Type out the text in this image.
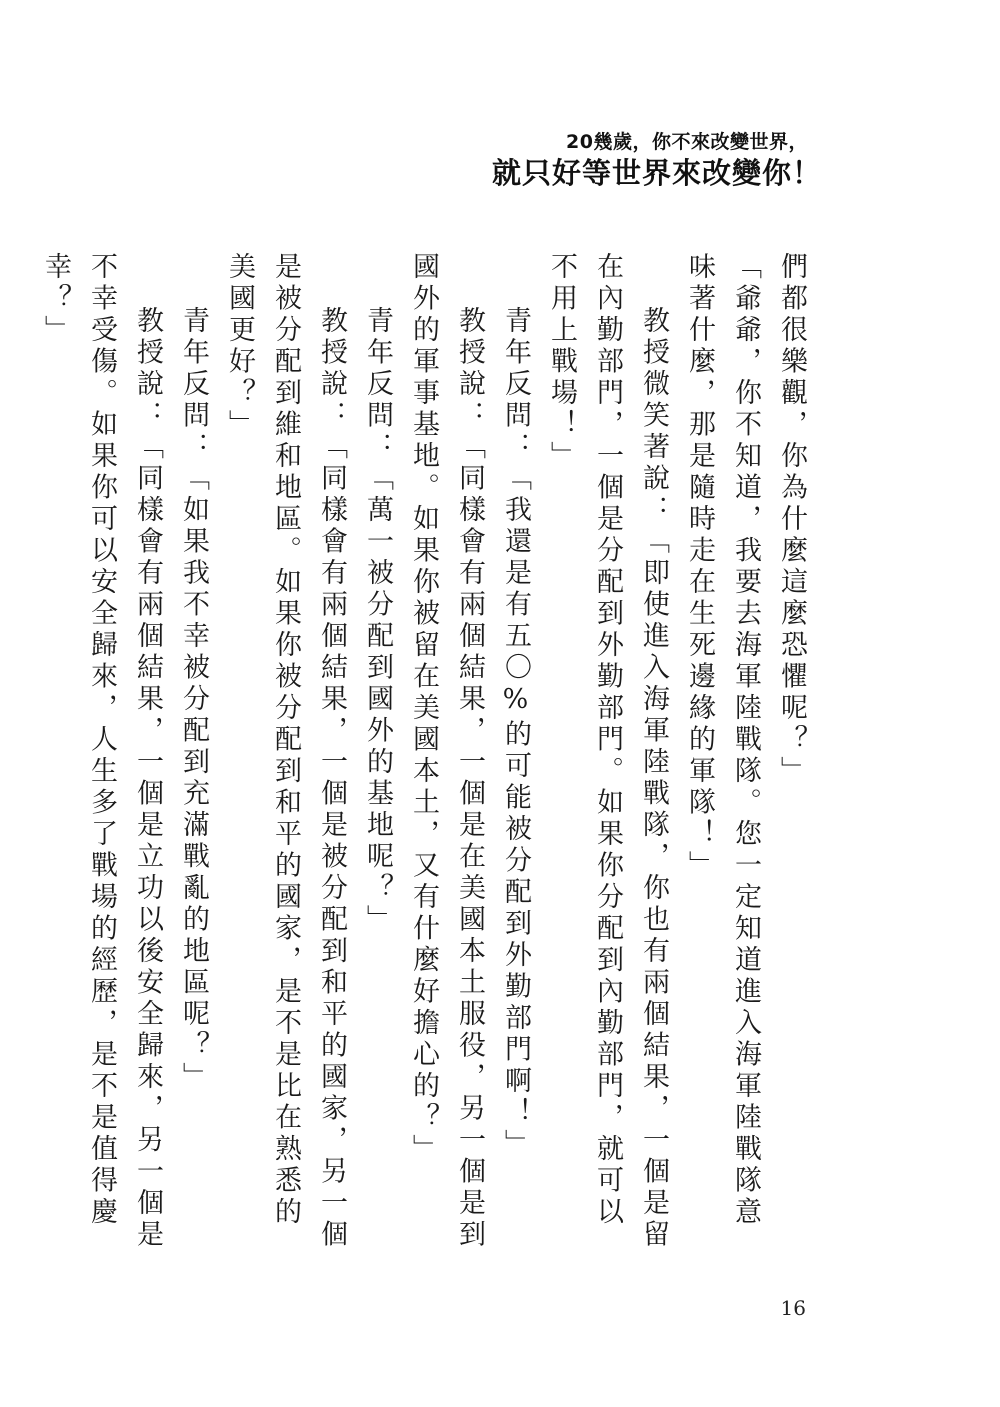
20幾歲，你不來改變世界，
就只好等世界來改變你！

們都很樂觀，你為什麼這麼恐懼呢？」

「爺爺，你不知道，我要去海軍陸戰隊。您一定知道進入海軍陸戰隊意味著什麼，那是隨時走在生死邊緣的軍隊！」

教授微笑著說：「即使進入海軍陸戰隊，你也有兩個結果，一個是留在內勤部門，一個是分配到外勤部門。如果你分配到內勤部門，就可以不用上戰場！」

青年反問：「我還是有五〇%的可能被分配到外勤部門啊！」

教授說：「同樣會有兩個結果，一個是在美國本土服役，另一個是到國外的軍事基地。如果你被留在美國本土，又有什麼好擔心的？」

青年反問：「萬一被分配到國外的基地呢？」

教授說：「同樣會有兩個結果，一個是被分配到和平的國家，另一個是被分配到維和地區。如果你被分配到和平的國家，是不是比在熟悉的美國更好？」

青年反問：「如果我不幸被分配到充滿戰亂的地區呢？」

教授說：「同樣會有兩個結果，一個是立功以後安全歸來，另一個是不幸受傷。如果你可以安全歸來，人生多了戰場的經歷，是不是值得慶幸？」

16
